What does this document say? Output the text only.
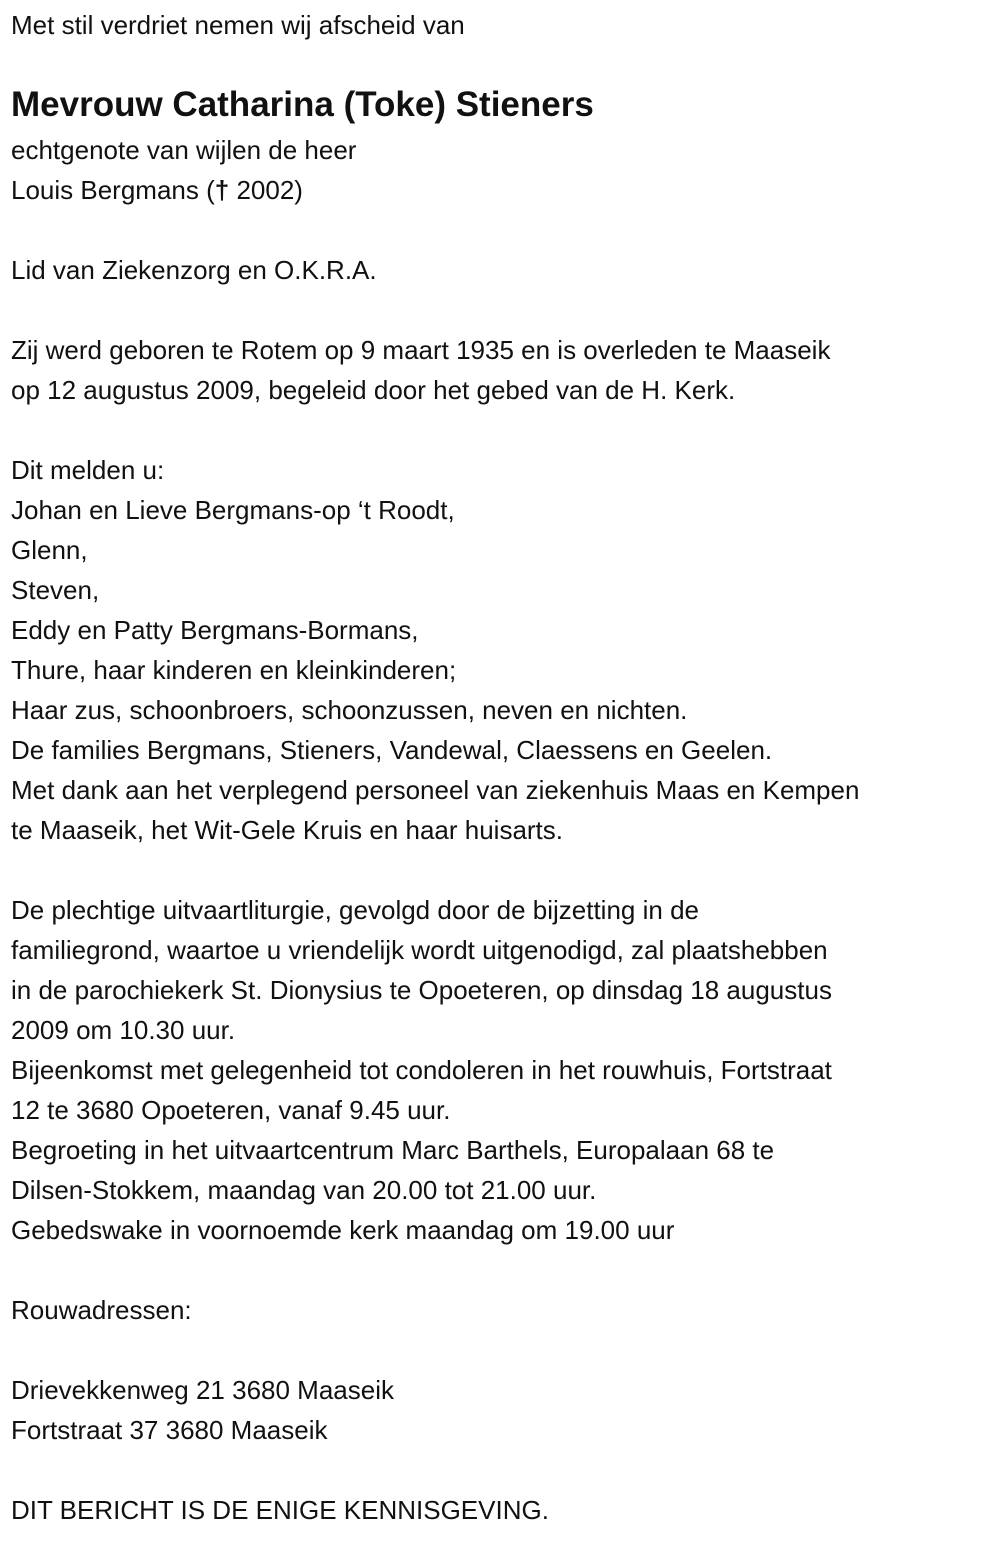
Met stil verdriet nemen wij afscheid van
Mevrouw Catharina (Toke) Stieners
echtgenote van wijlen de heer
Louis Bergmans († 2002)
Lid van Ziekenzorg en O.K.R.A.
Zij werd geboren te Rotem op 9 maart 1935 en is overleden te Maaseik
op 12 augustus 2009, begeleid door het gebed van de H. Kerk.
Dit melden u:
Johan en Lieve Bergmans-op ‘t Roodt,
Glenn,
Steven,
Eddy en Patty Bergmans-Bormans,
Thure, haar kinderen en kleinkinderen;
Haar zus, schoonbroers, schoonzussen, neven en nichten.
De families Bergmans, Stieners, Vandewal, Claessens en Geelen.
Met dank aan het verplegend personeel van ziekenhuis Maas en Kempen
te Maaseik, het Wit-Gele Kruis en haar huisarts.
De plechtige uitvaartliturgie, gevolgd door de bijzetting in de
familiegrond, waartoe u vriendelijk wordt uitgenodigd, zal plaatshebben
in de parochiekerk St. Dionysius te Opoeteren, op dinsdag 18 augustus
2009 om 10.30 uur.
Bijeenkomst met gelegenheid tot condoleren in het rouwhuis, Fortstraat
12 te 3680 Opoeteren, vanaf 9.45 uur.
Begroeting in het uitvaartcentrum Marc Barthels, Europalaan 68 te
Dilsen-Stokkem, maandag van 20.00 tot 21.00 uur.
Gebedswake in voornoemde kerk maandag om 19.00 uur
Rouwadressen:
Drievekkenweg 21 3680 Maaseik
Fortstraat 37 3680 Maaseik
DIT BERICHT IS DE ENIGE KENNISGEVING.
